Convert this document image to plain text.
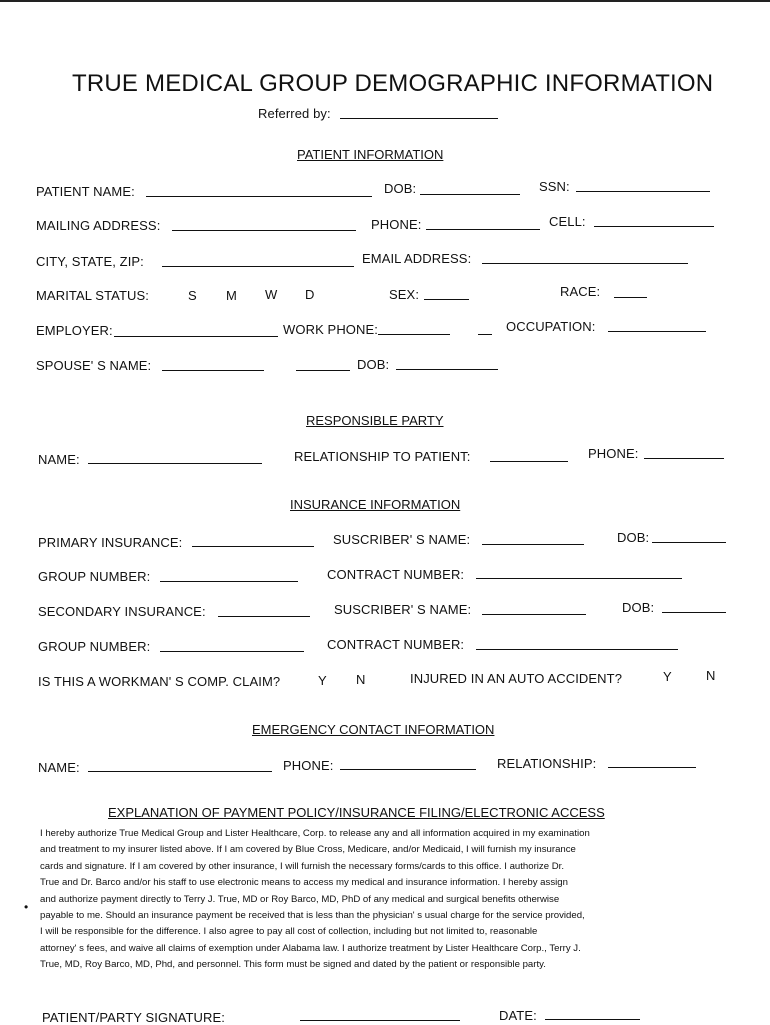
TRUE MEDICAL GROUP DEMOGRAPHIC INFORMATION
Referred by:
PATIENT INFORMATION
PATIENT NAME:	DOB:	SSN:
MAILING ADDRESS:	PHONE:	CELL:
CITY, STATE, ZIP:	EMAIL ADDRESS:
MARITAL STATUS:	S M W D	SEX:	RACE:
EMPLOYER:	WORK PHONE:	OCCUPATION:
SPOUSE' S NAME:	DOB:
RESPONSIBLE PARTY
NAME:	RELATIONSHIP TO PATIENT:	PHONE:
INSURANCE INFORMATION
PRIMARY INSURANCE:	SUSCRIBER' S NAME:	DOB:
GROUP NUMBER:	CONTRACT NUMBER:
SECONDARY INSURANCE:	SUSCRIBER' S NAME:	DOB:
GROUP NUMBER:	CONTRACT NUMBER:
IS THIS A WORKMAN' S COMP. CLAIM?	Y N	INJURED IN AN AUTO ACCIDENT?	Y	N
EMERGENCY CONTACT INFORMATION
NAME:	PHONE:	RELATIONSHIP:
EXPLANATION OF PAYMENT POLICY/INSURANCE FILING/ELECTRONIC ACCESS

I hereby authorize True Medical Group and Lister Healthcare, Corp. to release any and all information acquired in my examination

and treatment to my insurer listed above. If I am covered by Blue Cross, Medicare, and/or Medicaid, I will furnish my insurance

cards and signature. If I am covered by other insurance, I will furnish the necessary forms/cards to this office. I authorize Dr.

True and Dr. Barco and/or his staff to use electronic means to access my medical and insurance information. I hereby assign

and authorize payment directly to Terry J. True, MD or Roy Barco, MD, PhD of any medical and surgical benefits otherwise

payable to me. Should an insurance payment be received that is less than the physician' s usual charge for the service provided,

I will be responsible for the difference. I also agree to pay all cost of collection, including but not limited to, reasonable

attorney' s fees, and waive all claims of exemption under Alabama law. I authorize treatment by Lister Healthcare Corp., Terry J.

True, MD, Roy Barco, MD, Phd, and personnel. This form must be signed and dated by the patient or responsible party.

•
PATIENT/PARTY SIGNATURE:	DATE:
